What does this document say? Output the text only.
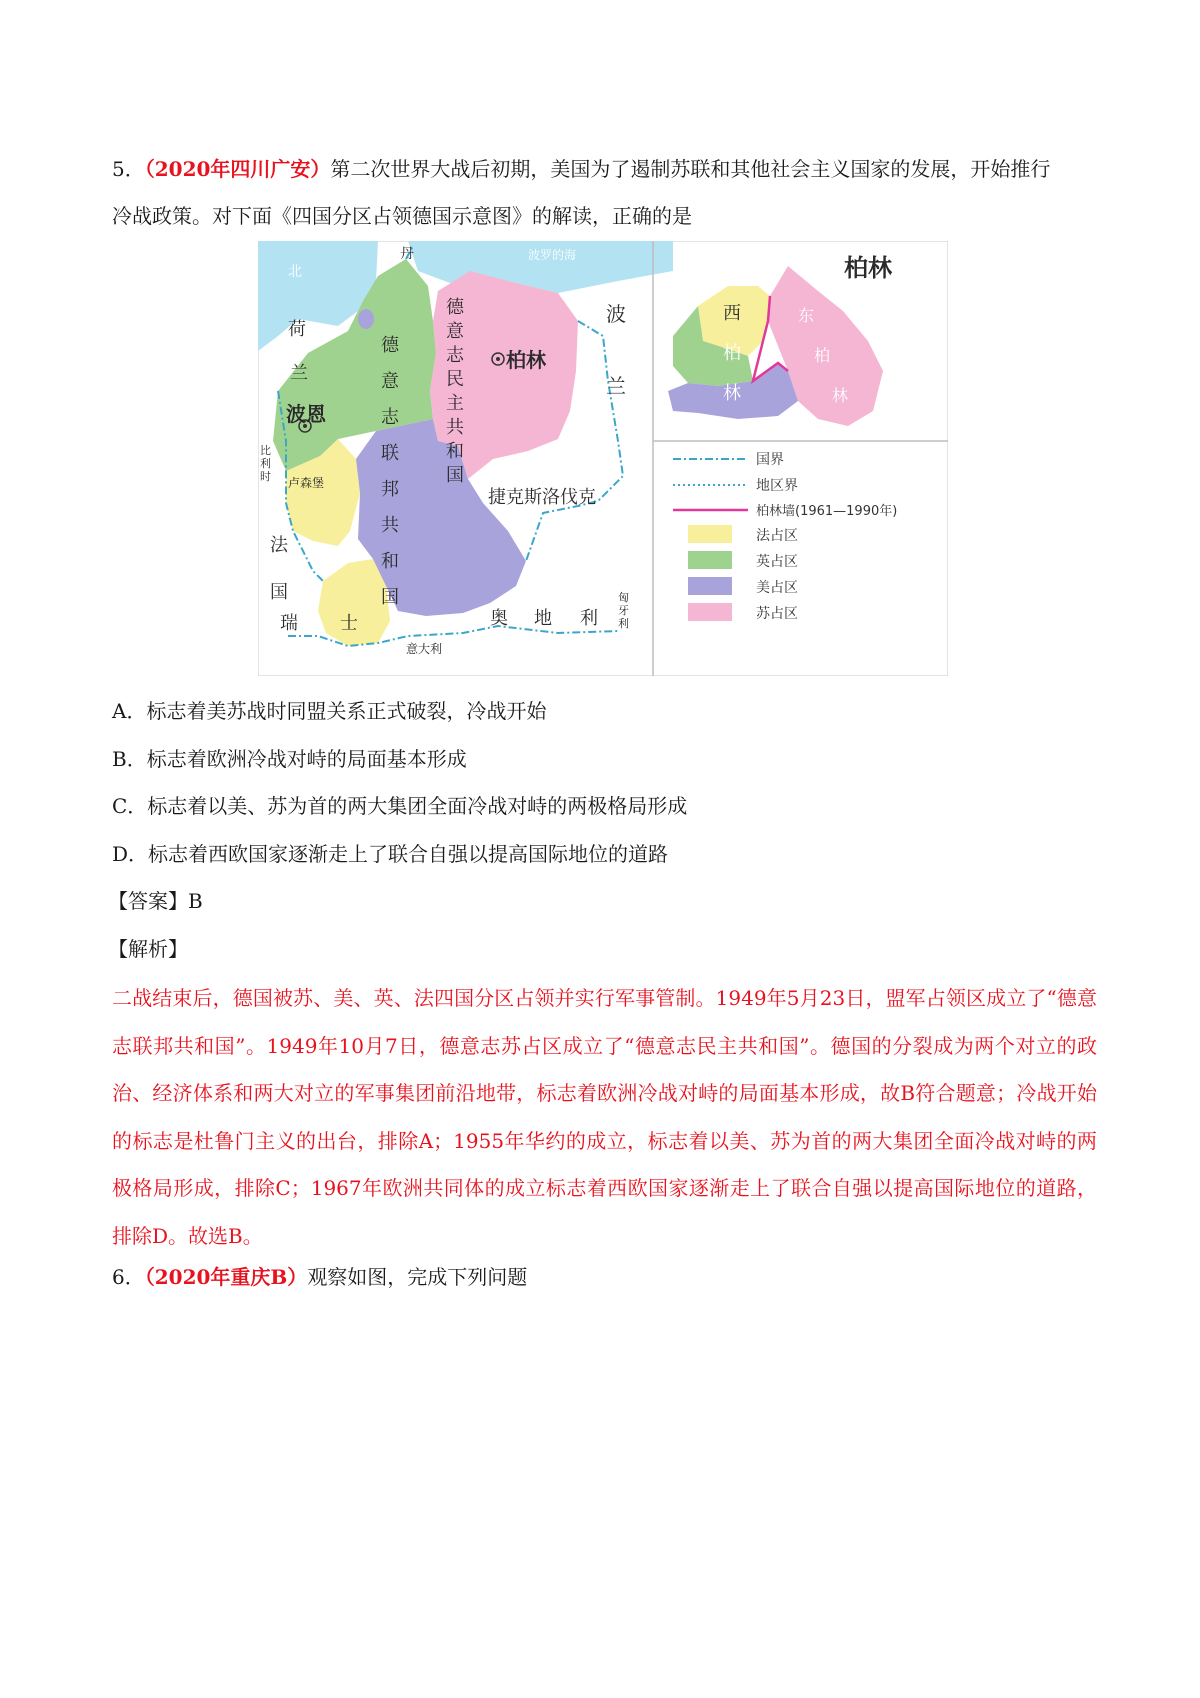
5．（2020年四川广安）第二次世界大战后初期，美国为了遏制苏联和其他社会主义国家的发展，开始推行
冷战政策。对下面《四国分区占领德国示意图》的解读，正确的是
丹	波罗的海
北
荷
兰
比
利
时 卢森堡
法
国
瑞 士
意大利
奥 地 利
匈
牙
利
波
兰
捷克斯洛伐克
德
意
志
联
邦
共
和
国
德
意
志
民
主
共
和
国
波恩
柏林
柏林
西
柏
林
东
柏
林
国界
地区界
柏林墙(1961—1990年)
法占区
英占区
美占区
苏占区
A．标志着美苏战时同盟关系正式破裂，冷战开始
B．标志着欧洲冷战对峙的局面基本形成
C．标志着以美、苏为首的两大集团全面冷战对峙的两极格局形成
D．标志着西欧国家逐渐走上了联合自强以提高国际地位的道路
【答案】B
【解析】
二战结束后，德国被苏、美、英、法四国分区占领并实行军事管制。1949年5月23日，盟军占领区成立了“德意志联邦共和国”。1949年10月7日，德意志苏占区成立了“德意志民主共和国”。德国的分裂成为两个对立的政治、经济体系和两大对立的军事集团前沿地带，标志着欧洲冷战对峙的局面基本形成，故B符合题意；冷战开始的标志是杜鲁门主义的出台，排除A；1955年华约的成立，标志着以美、苏为首的两大集团全面冷战对峙的两极格局形成，排除C；1967年欧洲共同体的成立标志着西欧国家逐渐走上了联合自强以提高国际地位的道路，排除D。故选B。
6．（2020年重庆B）观察如图，完成下列问题
